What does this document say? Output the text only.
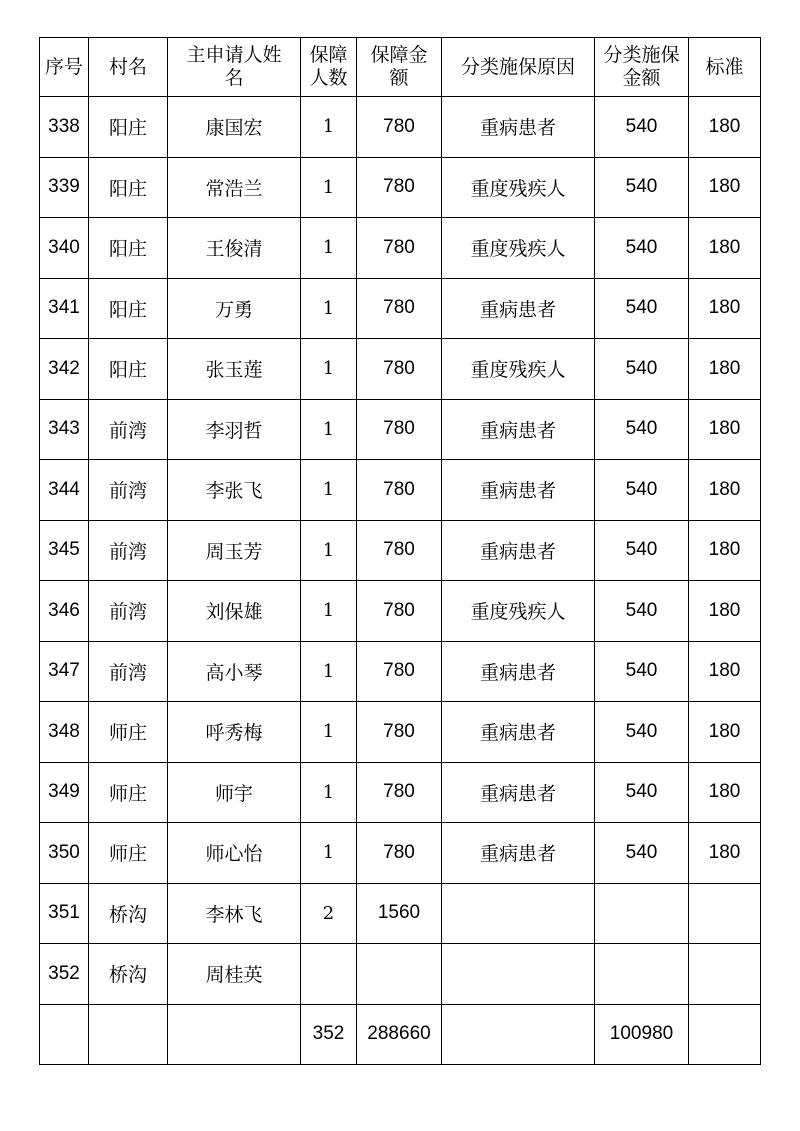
序号	村名	主申请人姓名	保障人数	保障金额	分类施保原因	分类施保金额	标准
338	阳庄	康国宏	1	780	重病患者	540	180
339	阳庄	常浩兰	1	780	重度残疾人	540	180
340	阳庄	王俊清	1	780	重度残疾人	540	180
341	阳庄	万勇	1	780	重病患者	540	180
342	阳庄	张玉莲	1	780	重度残疾人	540	180
343	前湾	李羽哲	1	780	重病患者	540	180
344	前湾	李张飞	1	780	重病患者	540	180
345	前湾	周玉芳	1	780	重病患者	540	180
346	前湾	刘保雄	1	780	重度残疾人	540	180
347	前湾	高小琴	1	780	重病患者	540	180
348	师庄	呼秀梅	1	780	重病患者	540	180
349	师庄	师宇	1	780	重病患者	540	180
350	师庄	师心怡	1	780	重病患者	540	180
351	桥沟	李林飞	2	1560			
352	桥沟	周桂英					
			352	288660		100980	
